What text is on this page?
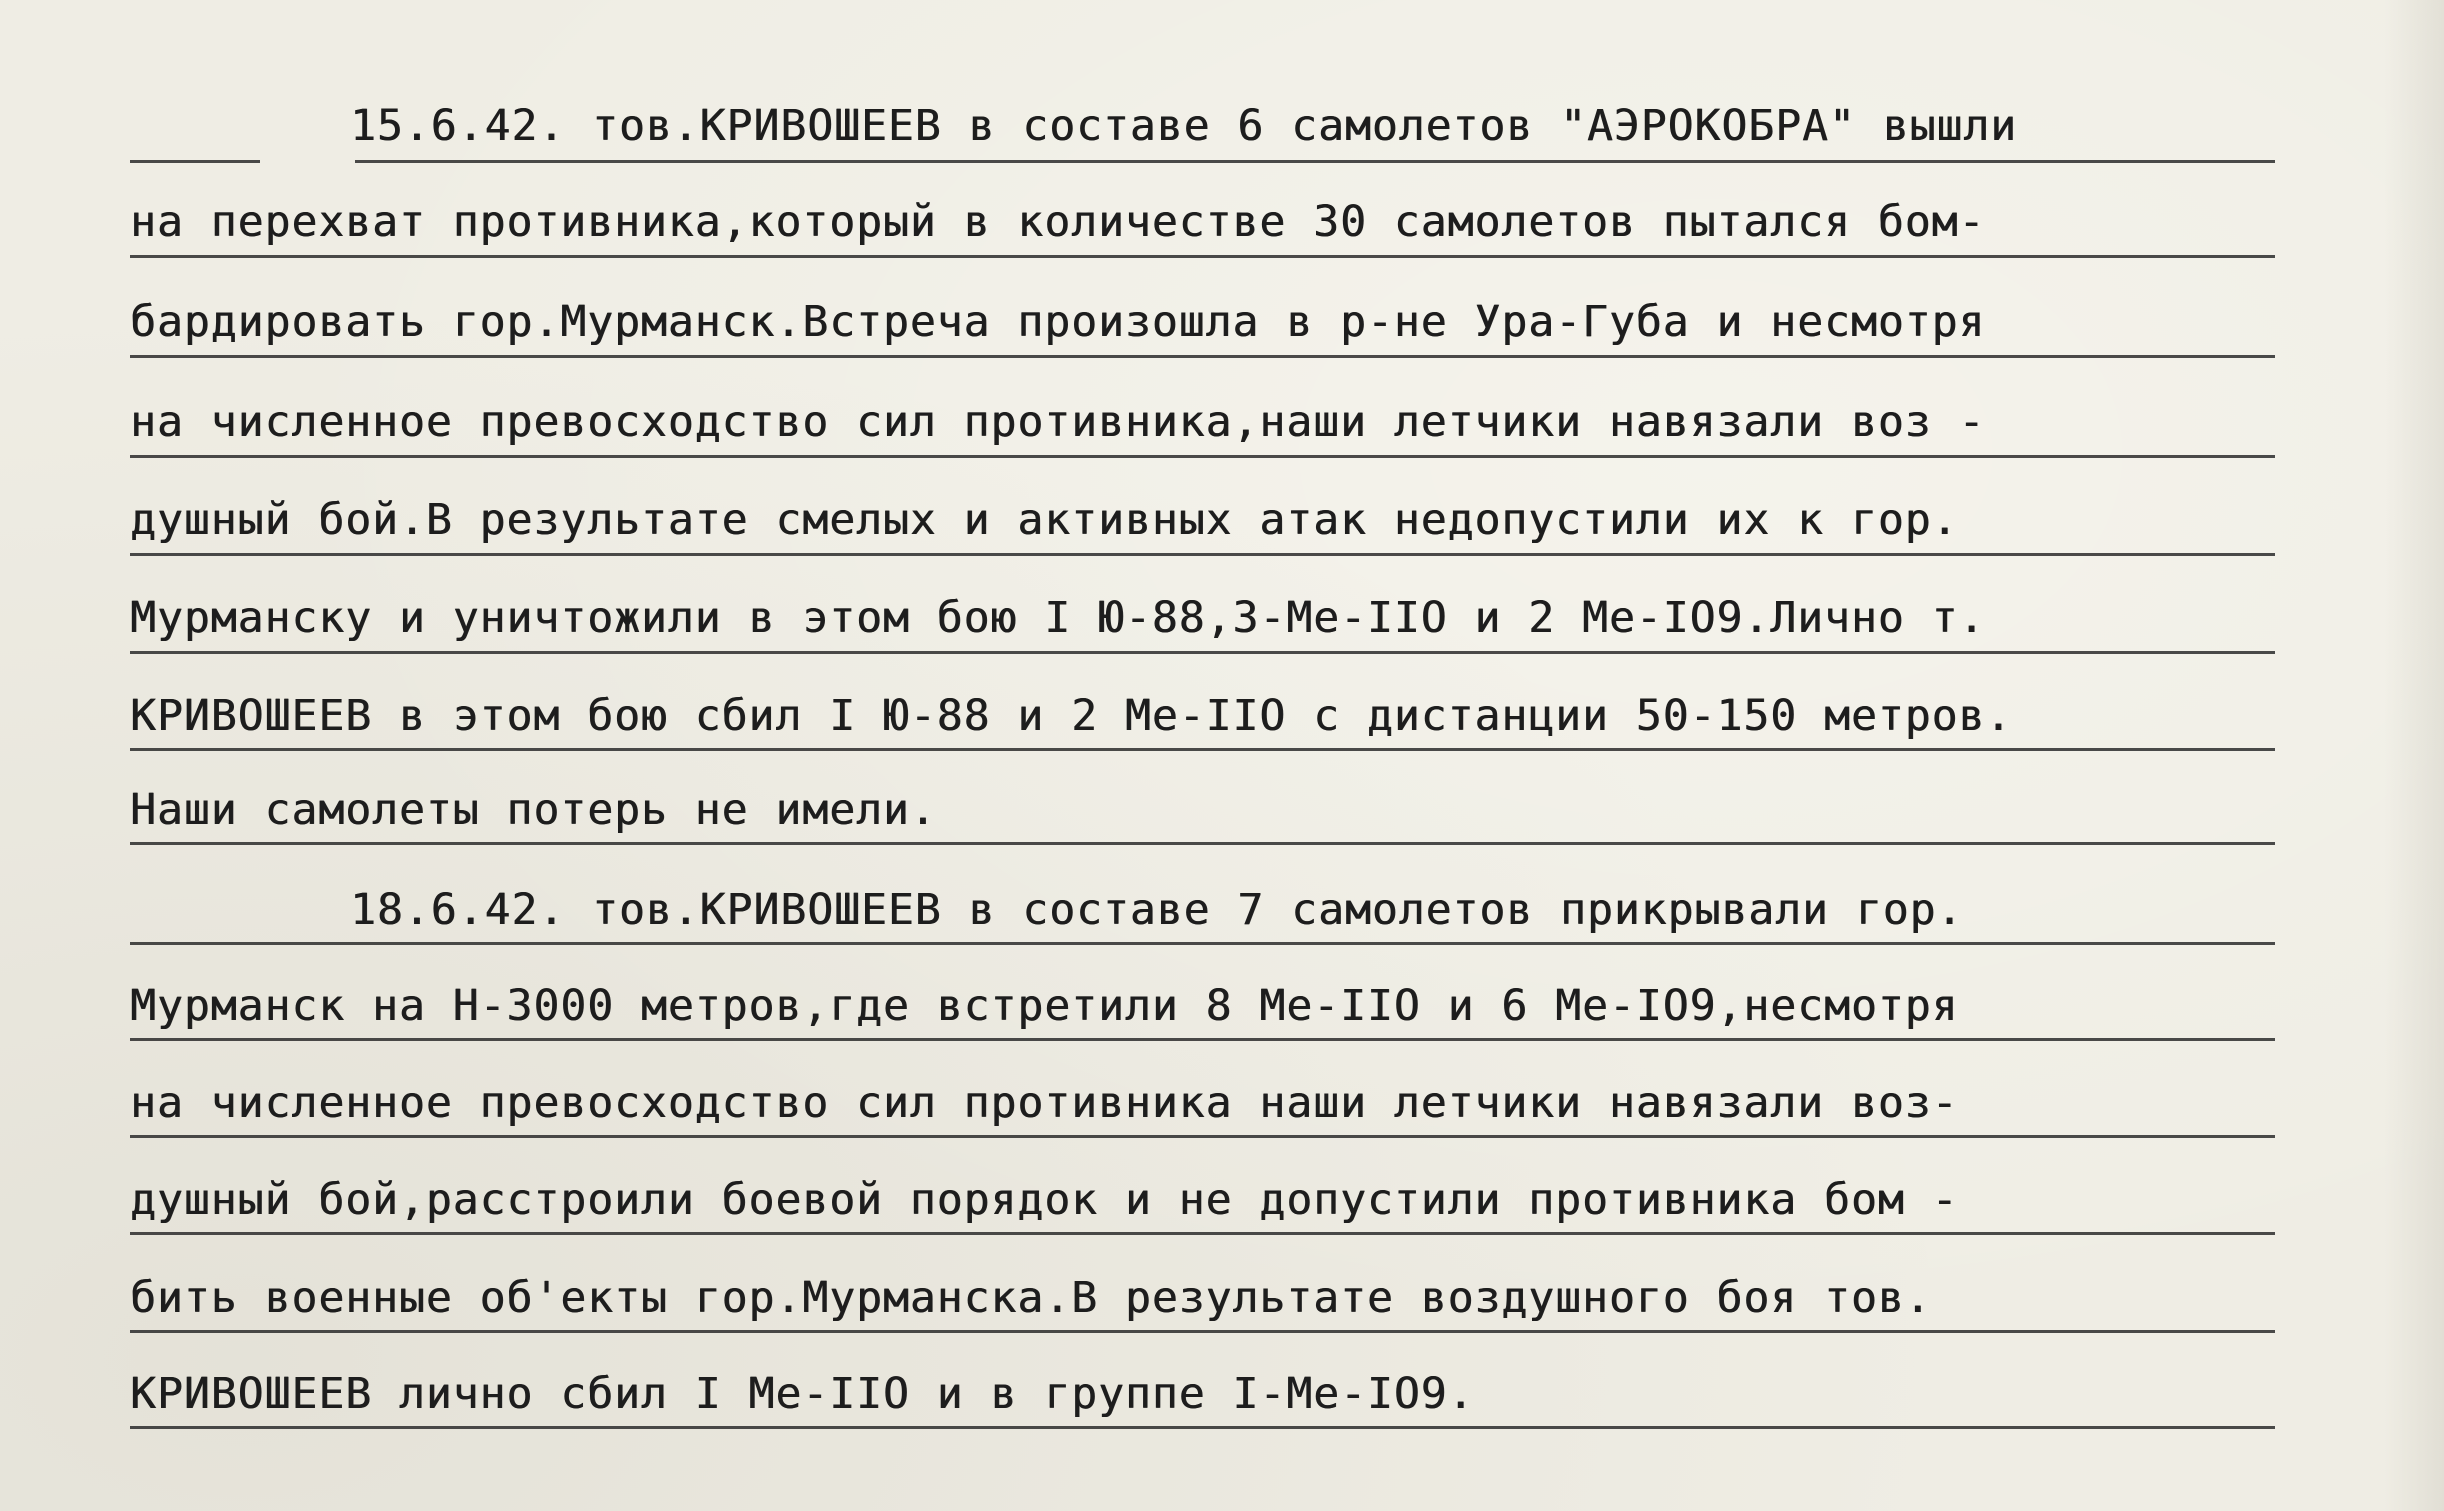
15.6.42. тов.КРИВОШЕЕВ в составе 6 самолетов "АЭРОКОБРА" вышли
на перехват противника,который в количестве 30 самолетов пытался бом-
бардировать гор.Мурманск.Встреча произошла в р-не Ура-Губа и несмотря
на численное превосходство сил противника,наши летчики навязали воз -
душный бой.В результате смелых и активных атак недопустили их к гор.
Мурманску и уничтожили в этом бою I Ю-88,3-Ме-IIO и 2 Ме-IO9.Лично т.
КРИВОШЕЕВ в этом бою сбил I Ю-88 и 2 Ме-IIO с дистанции 50-150 метров.
Наши самолеты потерь не имели.
18.6.42. тов.КРИВОШЕЕВ в составе 7 самолетов прикрывали гор.
Мурманск на Н-3000 метров,где встретили 8 Ме-IIO и 6 Ме-IO9,несмотря
на численное превосходство сил противника наши летчики навязали воз-
душный бой,расстроили боевой порядок и не допустили противника бом -
бить военные об'екты гор.Мурманска.В результате воздушного боя тов.
КРИВОШЕЕВ лично сбил I Ме-IIO и в группе I-Ме-IO9.
